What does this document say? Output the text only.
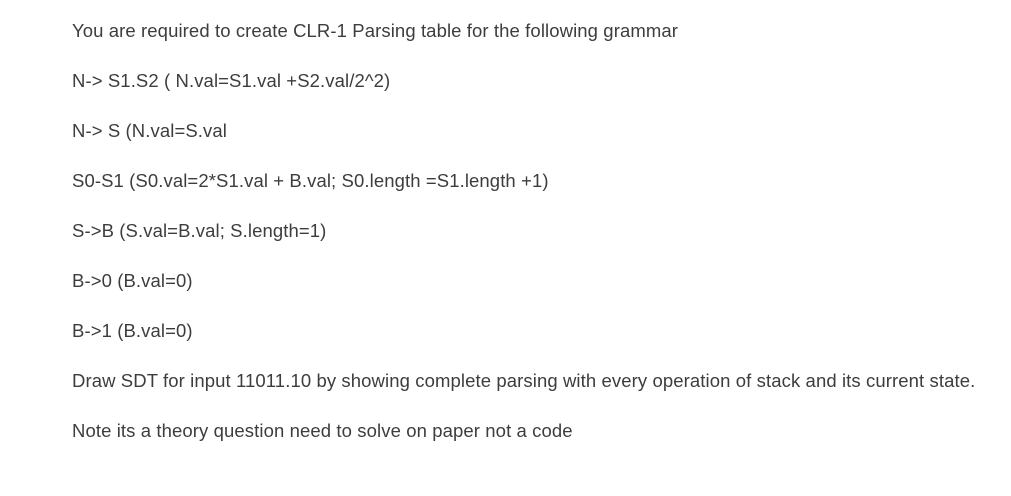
You are required to create CLR-1 Parsing table for the following grammar

N-> S1.S2 ( N.val=S1.val +S2.val/2^2)

N-> S (N.val=S.val

S0-S1 (S0.val=2*S1.val + B.val; S0.length =S1.length +1)

S->B (S.val=B.val; S.length=1)

B->0 (B.val=0)

B->1 (B.val=0)

Draw SDT for input 11011.10 by showing complete parsing with every operation of stack and its current state.

Note its a theory question need to solve on paper not a code
